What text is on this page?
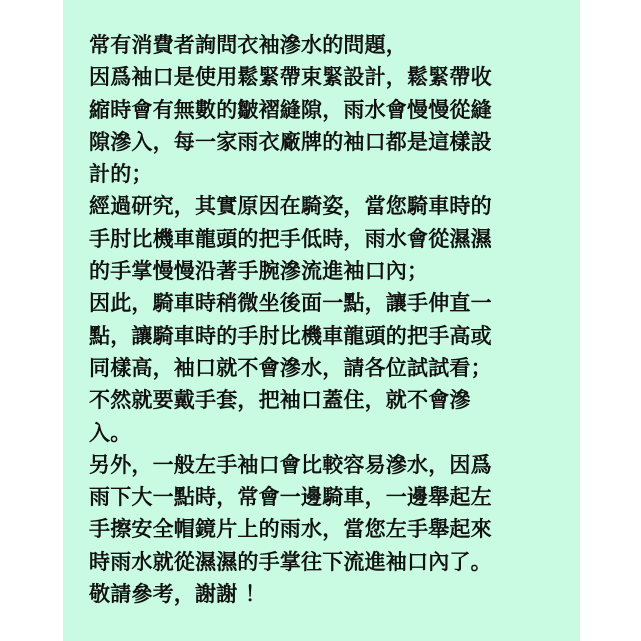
常有消費者詢問衣袖滲水的問題，
因爲袖口是使用鬆緊帶束緊設計，鬆緊帶收
縮時會有無數的皺褶縫隙，雨水會慢慢從縫
隙滲入，每一家雨衣廠牌的袖口都是這樣設
計的；
經過研究，其實原因在騎姿，當您騎車時的
手肘比機車龍頭的把手低時，雨水會從濕濕
的手掌慢慢沿著手腕滲流進袖口內；
因此，騎車時稍微坐後面一點，讓手伸直一
點，讓騎車時的手肘比機車龍頭的把手高或
同樣高，袖口就不會滲水，請各位試試看；
不然就要戴手套，把袖口蓋住，就不會滲
入。
另外，一般左手袖口會比較容易滲水，因爲
雨下大一點時，常會一邊騎車，一邊舉起左
手擦安全帽鏡片上的雨水，當您左手舉起來
時雨水就從濕濕的手掌往下流進袖口內了。
敬請參考，謝謝 ！
